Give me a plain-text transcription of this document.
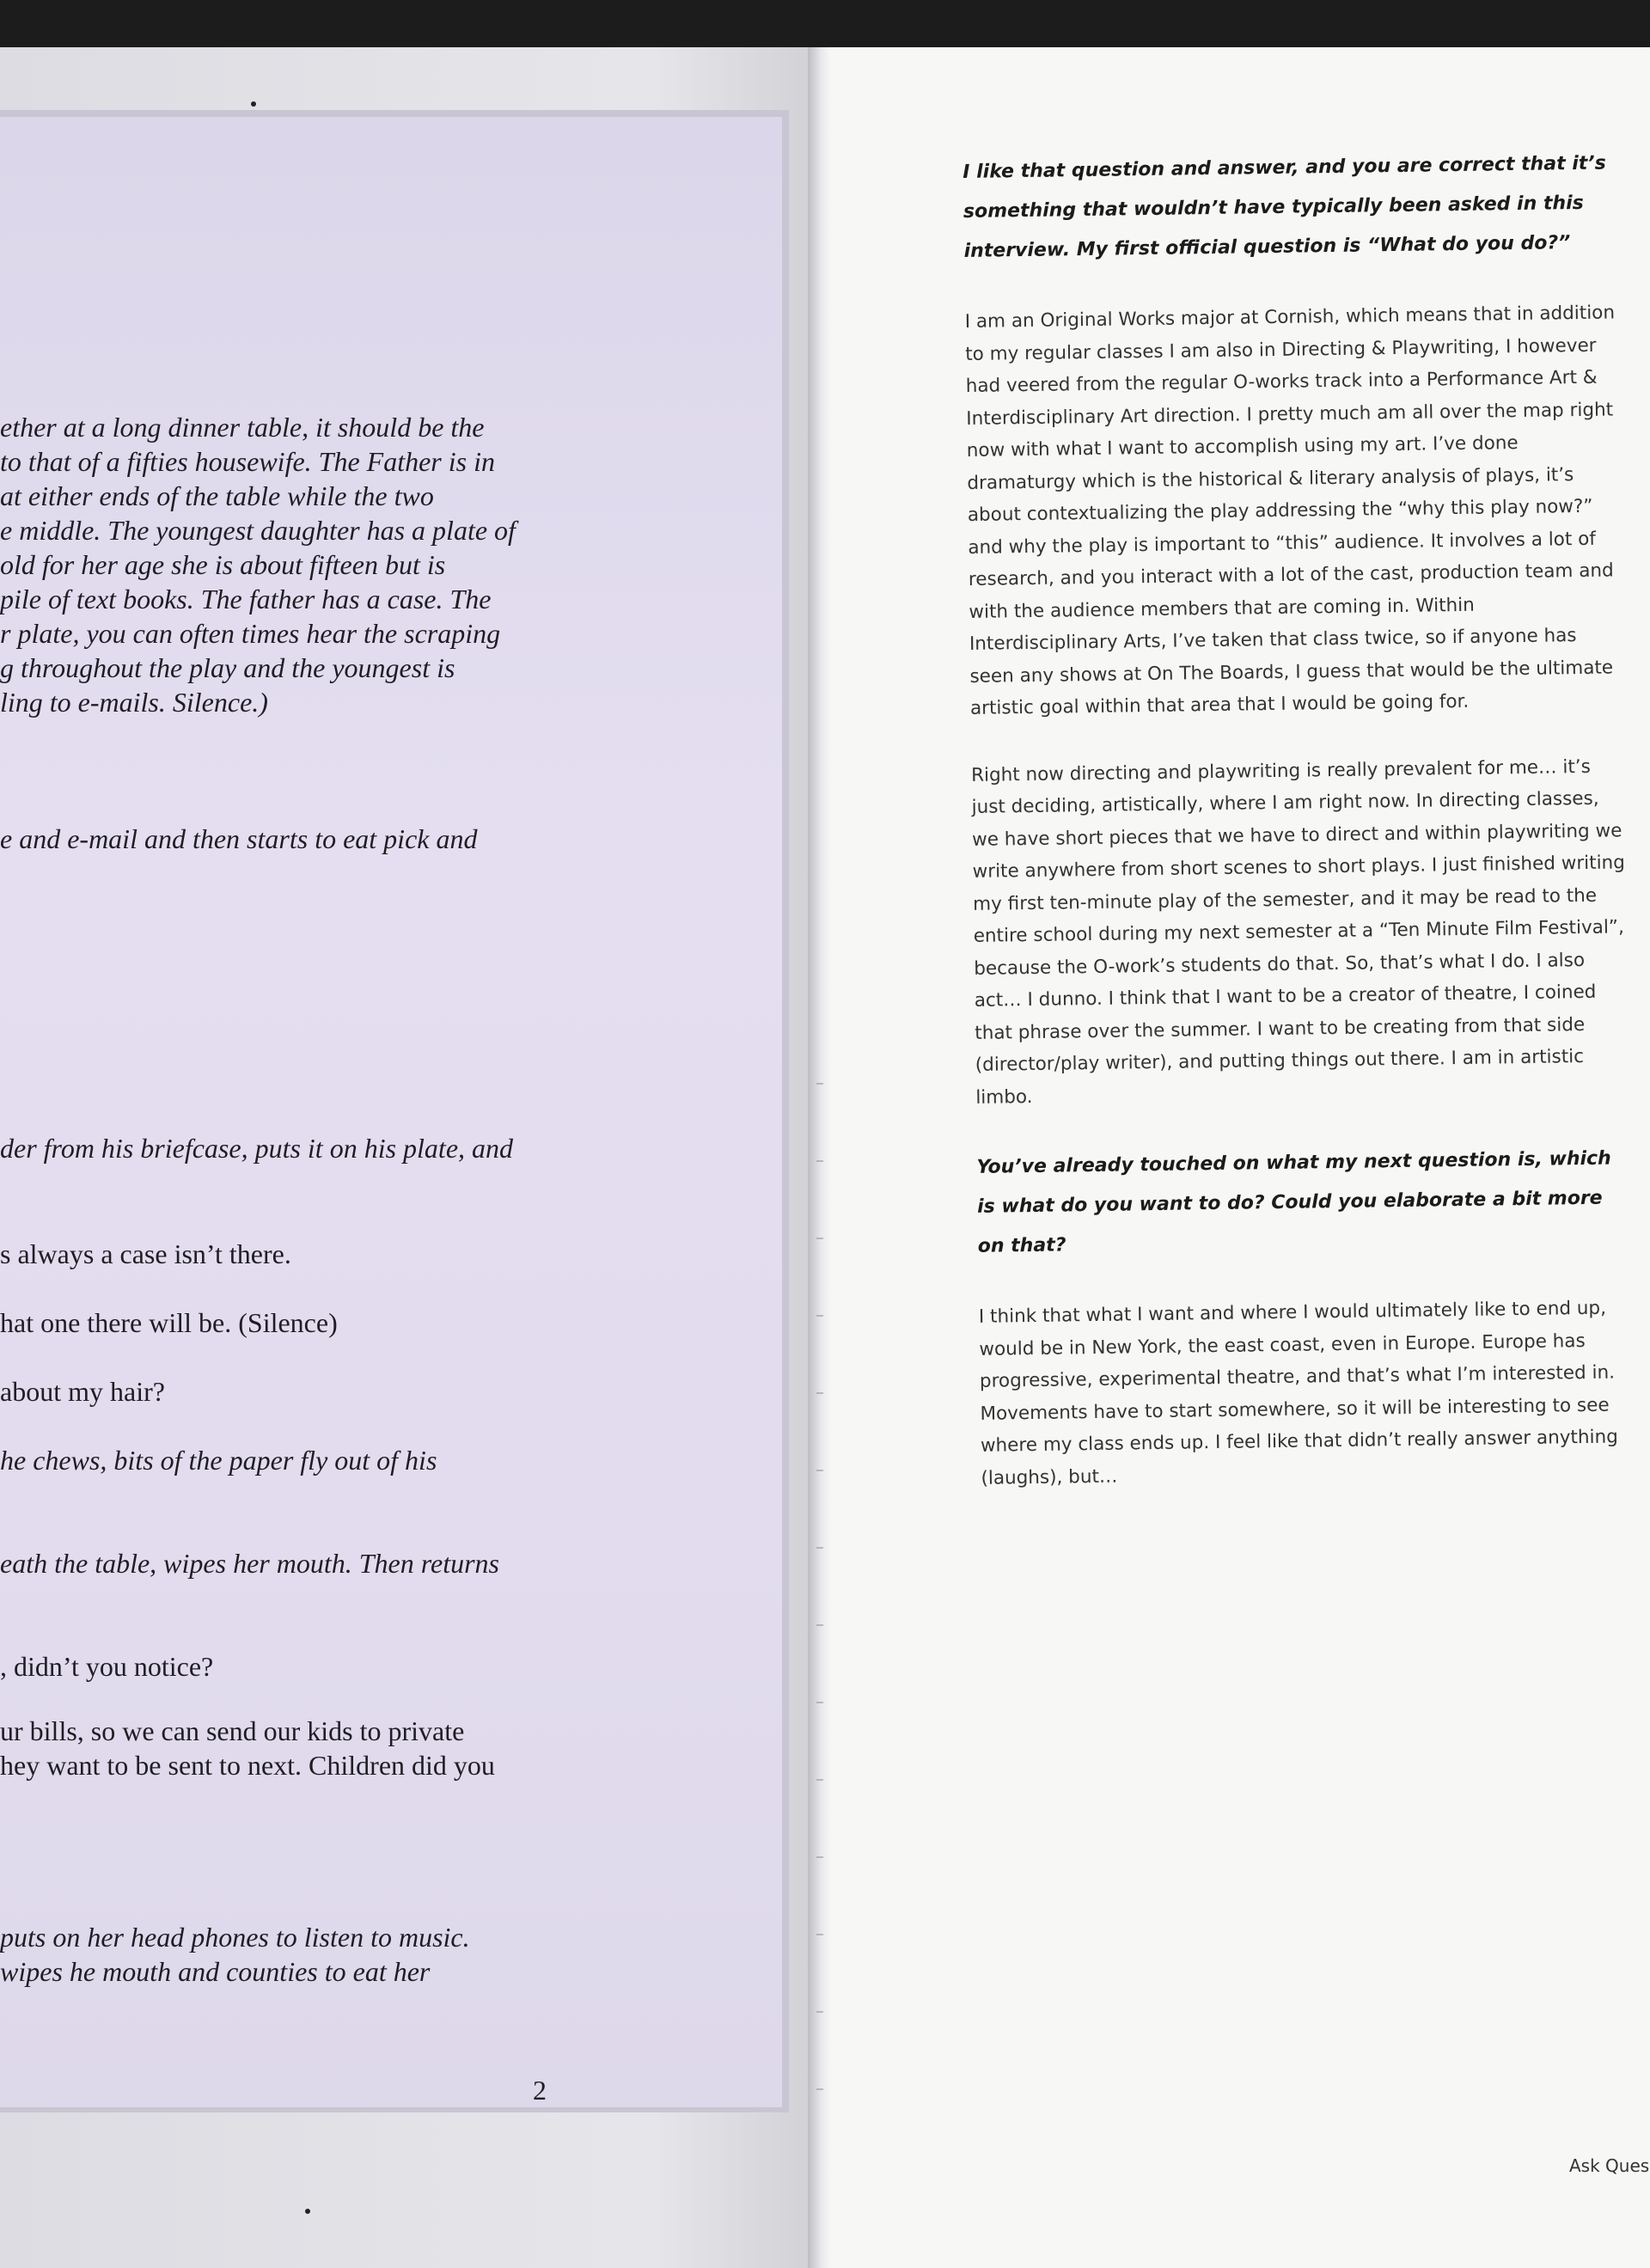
2

ether at a long dinner table, it should be the

to that of a fifties housewife. The Father is in

at either ends of the table while the two

e middle. The youngest daughter has a plate of

old for her age she is about fifteen but is

pile of text books. The father has a case. The

r plate, you can often times hear the scraping

g throughout the play and the youngest is

ling to e-mails. Silence.)

e and e-mail and then starts to eat pick and

der from his briefcase, puts it on his plate, and

s always a case isn’t there.

hat one there will be. (Silence)

about my hair?

he chews, bits of the paper fly out of his

eath the table, wipes her mouth. Then returns

, didn’t you notice?

ur bills, so we can send our kids to private

hey want to be sent to next. Children did you

puts on her head phones to listen to music.

wipes he mouth and counties to eat her

I like that question and answer, and you are correct that it’s something that wouldn’t have typically been asked in this interview. My first official question is “What do you do?”

I am an Original Works major at Cornish, which means that in addition to my regular classes I am also in Directing & Playwriting, I however had veered from the regular O-works track into a Performance Art & Interdisciplinary Art direction. I pretty much am all over the map right now with what I want to accomplish using my art. I’ve done dramaturgy which is the historical & literary analysis of plays, it’s about contextualizing the play addressing the “why this play now?” and why the play is important to “this” audience. It involves a lot of research, and you interact with a lot of the cast, production team and with the audience members that are coming in. Within Interdisciplinary Arts, I’ve taken that class twice, so if anyone has seen any shows at On The Boards, I guess that would be the ultimate artistic goal within that area that I would be going for.

Right now directing and playwriting is really prevalent for me… it’s just deciding, artistically, where I am right now. In directing classes, we have short pieces that we have to direct and within playwriting we write anywhere from short scenes to short plays. I just finished writing my first ten-minute play of the semester, and it may be read to the entire school during my next semester at a “Ten Minute Film Festival”, because the O-work’s students do that. So, that’s what I do. I also act… I dunno. I think that I want to be a creator of theatre, I coined that phrase over the summer. I want to be creating from that side (director/play writer), and putting things out there. I am in artistic limbo.

You’ve already touched on what my next question is, which is what do you want to do? Could you elaborate a bit more on that?

I think that what I want and where I would ultimately like to end up, would be in New York, the east coast, even in Europe. Europe has progressive, experimental theatre, and that’s what I’m interested in. Movements have to start somewhere, so it will be interesting to see where my class ends up. I feel like that didn’t really answer anything (laughs), but…

Ask Ques
